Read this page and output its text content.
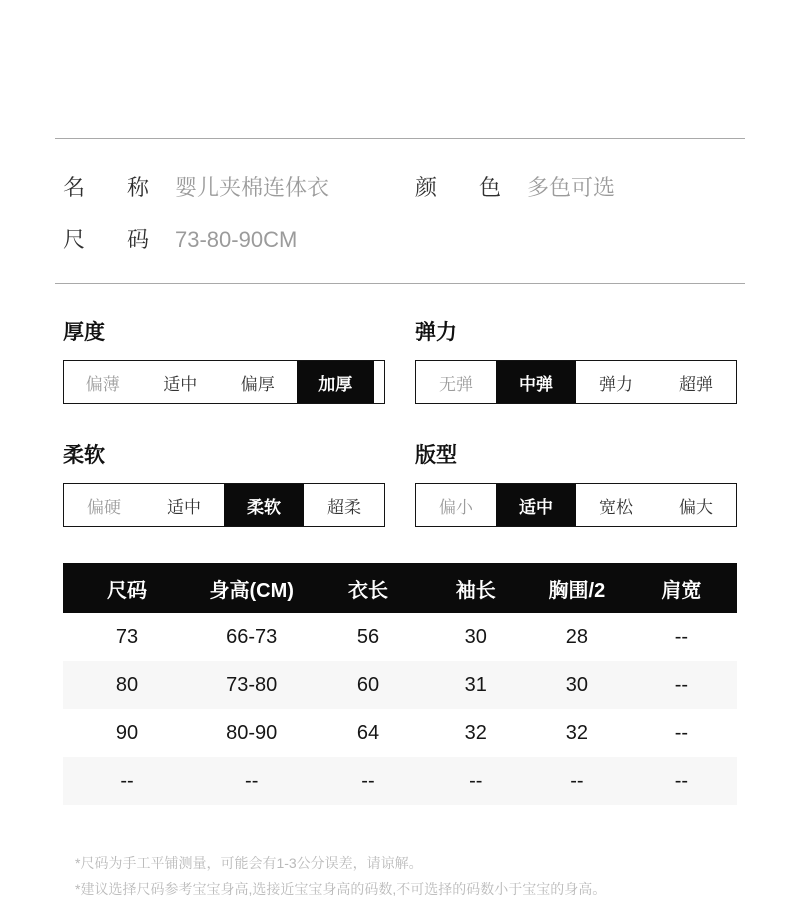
名称 婴儿夹棉连体衣	颜色 多色可选
尺码 73-80-90CM
厚度
偏薄	适中	偏厚	加厚
弹力
无弹	中弹	弹力	超弹
柔软
偏硬	适中	柔软	超柔
版型
偏小	适中	宽松	偏大
尺码	身高(CM)	衣长	袖长	胸围/2	肩宽
73	66-73	56	30	28	--
80	73-80	60	31	30	--
90	80-90	64	32	32	--
--	--	--	--	--	--

*尺码为手工平铺测量，可能会有1-3公分误差，请谅解。

*建议选择尺码参考宝宝身高,选接近宝宝身高的码数,不可选择的码数小于宝宝的身高。
